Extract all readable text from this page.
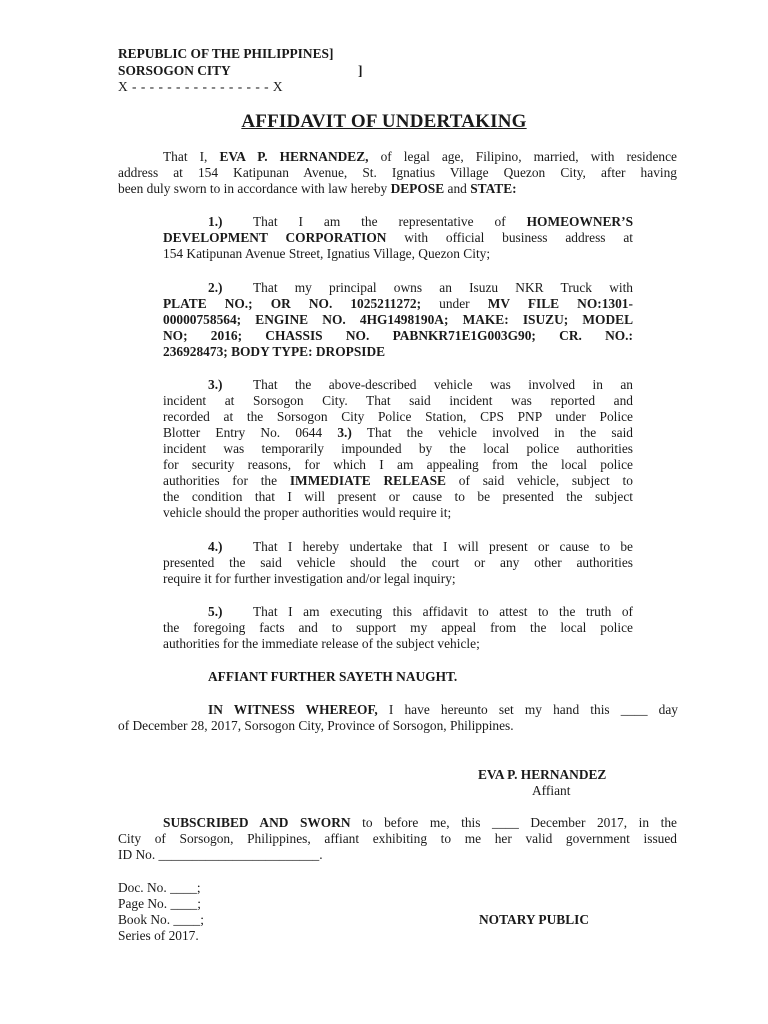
REPUBLIC OF THE PHILIPPINES]
SORSOGON CITY	]
X - - - - - - - - - - - - - - - - X
AFFIDAVIT OF UNDERTAKING
That I, EVA P. HERNANDEZ, of legal age, Filipino, married, with residence
address at 154 Katipunan Avenue, St. Ignatius Village Quezon City, after having
been duly sworn to in accordance with law hereby DEPOSE and STATE:
1.) That I am the representative of HOMEOWNER’S
DEVELOPMENT CORPORATION with official business address at
154 Katipunan Avenue Street, Ignatius Village, Quezon City;
2.) That my principal owns an Isuzu NKR Truck with
PLATE NO.; OR NO. 1025211272; under MV FILE NO:1301-
00000758564; ENGINE NO. 4HG1498190A; MAKE: ISUZU; MODEL
NO; 2016; CHASSIS NO. PABNKR71E1G003G90; CR. NO.:
236928473; BODY TYPE: DROPSIDE
3.) That the above-described vehicle was involved in an
incident at Sorsogon City. That said incident was reported and
recorded at the Sorsogon City Police Station, CPS PNP under Police
Blotter Entry No. 0644 3.) That the vehicle involved in the said
incident was temporarily impounded by the local police authorities
for security reasons, for which I am appealing from the local police
authorities for the IMMEDIATE RELEASE of said vehicle, subject to
the condition that I will present or cause to be presented the subject
vehicle should the proper authorities would require it;
4.) That I hereby undertake that I will present or cause to be
presented the said vehicle should the court or any other authorities
require it for further investigation and/or legal inquiry;
5.) That I am executing this affidavit to attest to the truth of
the foregoing facts and to support my appeal from the local police
authorities for the immediate release of the subject vehicle;
AFFIANT FURTHER SAYETH NAUGHT.
IN WITNESS WHEREOF, I have hereunto set my hand this ____ day
of December 28, 2017, Sorsogon City, Province of Sorsogon, Philippines.
EVA P. HERNANDEZ
Affiant
SUBSCRIBED AND SWORN to before me, this ____ December 2017, in the
City of Sorsogon, Philippines, affiant exhibiting to me her valid government issued
ID No. ________________________.
Doc. No. ____;
Page No. ____;
Book No. ____;
Series of 2017.
NOTARY PUBLIC
